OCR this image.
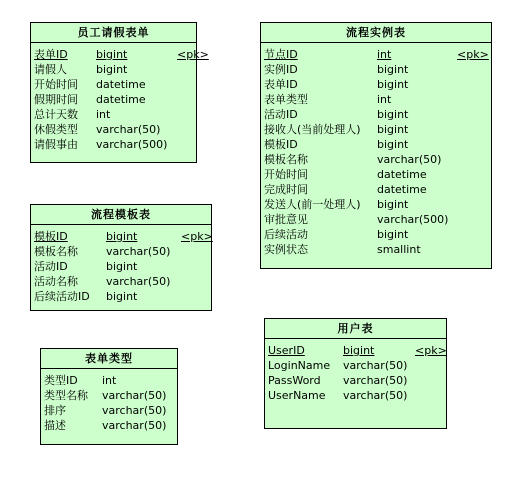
员工请假表单
表单ID	bigint	<pk>
请假人	bigint
开始时间 datetime
假期时间 datetime
总计天数 int
休假类型 varchar(50)
请假事由 varchar(500)
流程实例表
节点ID	int	<pk>
实例ID	bigint
表单ID	bigint
表单类型	int
活动ID	bigint
接收人(当前处理人) bigint
模板ID	bigint
模板名称	varchar(50)
开始时间	datetime
完成时间	datetime
发送人(前一处理人) bigint
审批意见	varchar(500)
后续活动	bigint
实例状态	smallint
流程模板表
模板ID	bigint	<pk>
模板名称	varchar(50)
活动ID	bigint
活动名称	varchar(50)
后续活动ID bigint
用户表
UserID	bigint	<pk>
LoginName varchar(50)
PassWord varchar(50)
UserName varchar(50)
表单类型
类型ID int
类型名称 varchar(50)
排序	varchar(50)
描述	varchar(50)
